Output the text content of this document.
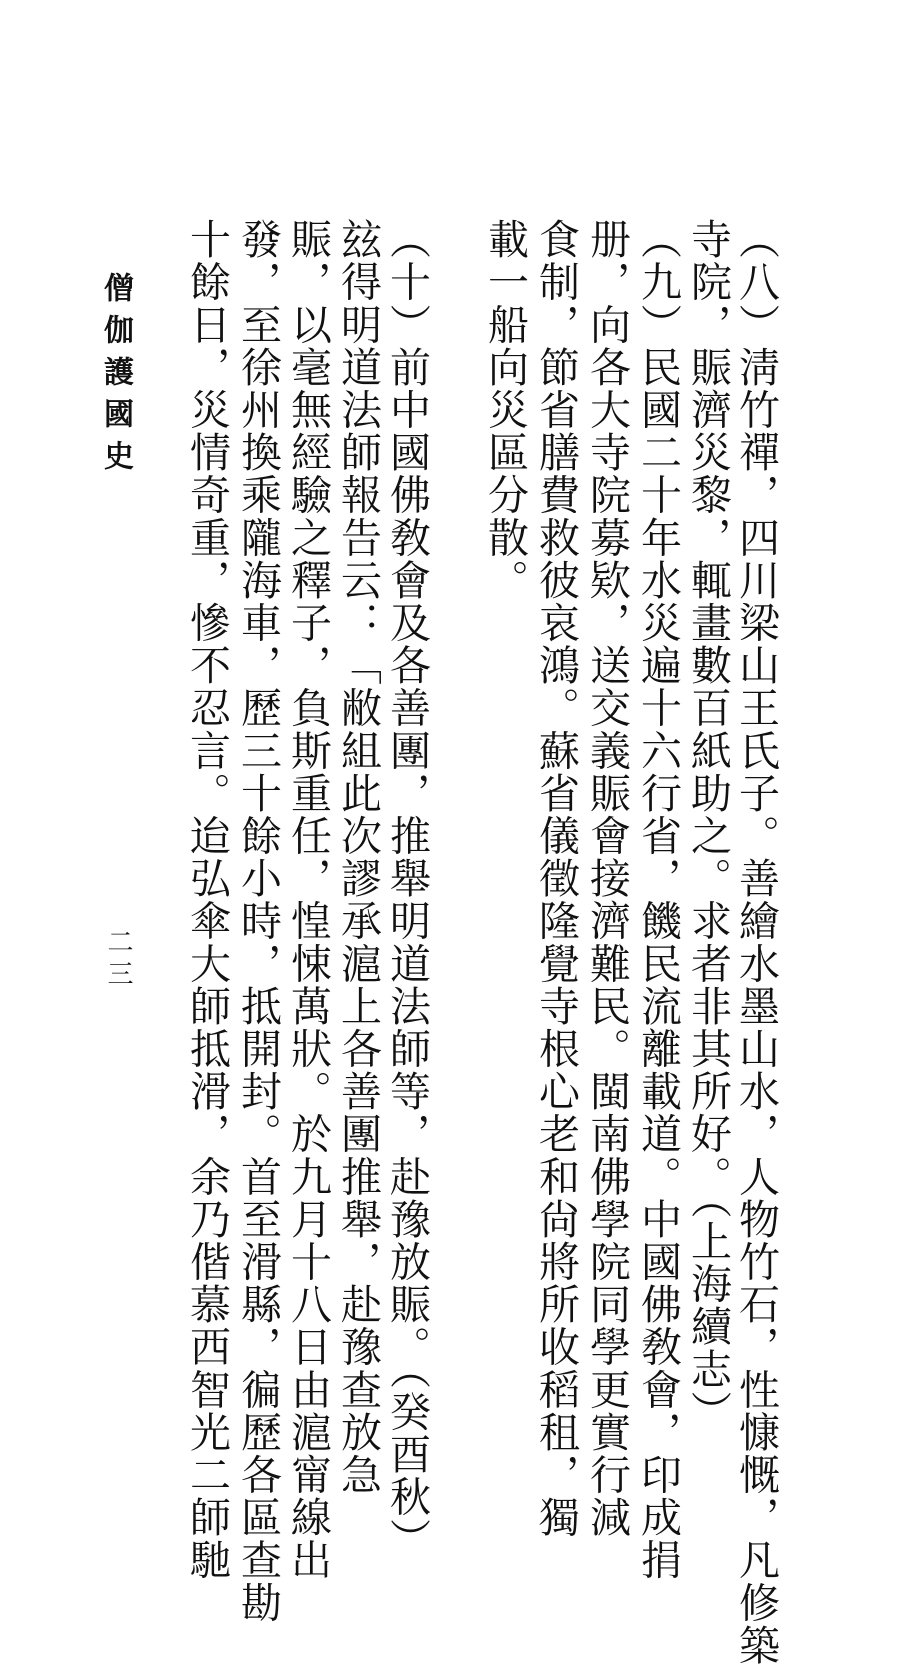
（八）淸竹禪，四川梁山王氏子。善繪水墨山水，人物竹石，性慷慨，凡修築
寺院，賑濟災黎，輒畫數百紙助之。求者非其所好。（上海續志）
（九）民國二十年水災遍十六行省，饑民流離載道。中國佛敎會，印成捐
册，向各大寺院募欵，送交義賑會接濟難民。閩南佛學院同學更實行減
食制，節省膳費救彼哀鴻。蘇省儀徵隆覺寺根心老和尙將所收稻租，獨
載一船向災區分散。
（十）前中國佛敎會及各善團，推舉明道法師等，赴豫放賑。（癸酉秋）
玆得明道法師報告云：「敝組此次謬承滬上各善團推舉，赴豫查放急
賑，以毫無經驗之釋子，負斯重任，惶悚萬狀。於九月十八日由滬甯線出
發，至徐州換乘隴海車，歷三十餘小時，抵開封。首至滑縣，徧歷各區查勘
十餘日，災情奇重，慘不忍言。迨弘傘大師抵滑，余乃偕慕西智光二師馳
僧伽護國史
二三
